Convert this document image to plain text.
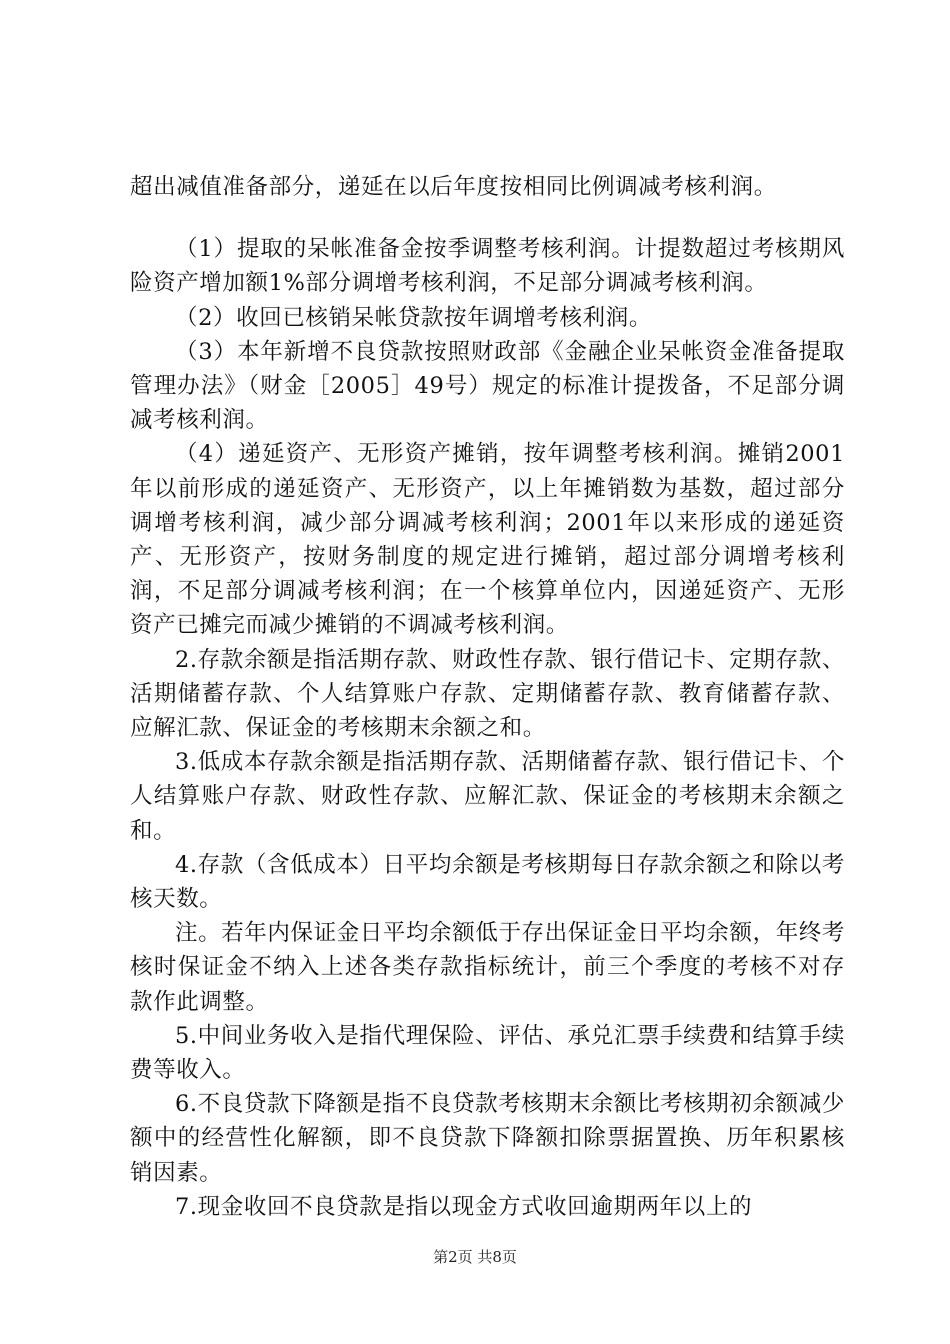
超出减值准备部分，递延在以后年度按相同比例调减考核利润。

（1）提取的呆帐准备金按季调整考核利润。计提数超过考核期风险资产增加额1%部分调增考核利润，不足部分调减考核利润。

（2）收回已核销呆帐贷款按年调增考核利润。

（3）本年新增不良贷款按照财政部《金融企业呆帐资金准备提取管理办法》（财金［2005］49号）规定的标准计提拨备，不足部分调减考核利润。

（4）递延资产、无形资产摊销，按年调整考核利润。摊销2001年以前形成的递延资产、无形资产，以上年摊销数为基数，超过部分调增考核利润，减少部分调减考核利润；2001年以来形成的递延资产、无形资产，按财务制度的规定进行摊销，超过部分调增考核利润，不足部分调减考核利润；在一个核算单位内，因递延资产、无形资产已摊完而减少摊销的不调减考核利润。

2.存款余额是指活期存款、财政性存款、银行借记卡、定期存款、活期储蓄存款、个人结算账户存款、定期储蓄存款、教育储蓄存款、应解汇款、保证金的考核期末余额之和。

3.低成本存款余额是指活期存款、活期储蓄存款、银行借记卡、个人结算账户存款、财政性存款、应解汇款、保证金的考核期末余额之和。

4.存款（含低成本）日平均余额是考核期每日存款余额之和除以考核天数。

注。若年内保证金日平均余额低于存出保证金日平均余额，年终考核时保证金不纳入上述各类存款指标统计，前三个季度的考核不对存款作此调整。

5.中间业务收入是指代理保险、评估、承兑汇票手续费和结算手续费等收入。

6.不良贷款下降额是指不良贷款考核期末余额比考核期初余额减少额中的经营性化解额，即不良贷款下降额扣除票据置换、历年积累核销因素。

7.现金收回不良贷款是指以现金方式收回逾期两年以上的

第2页 共8页
